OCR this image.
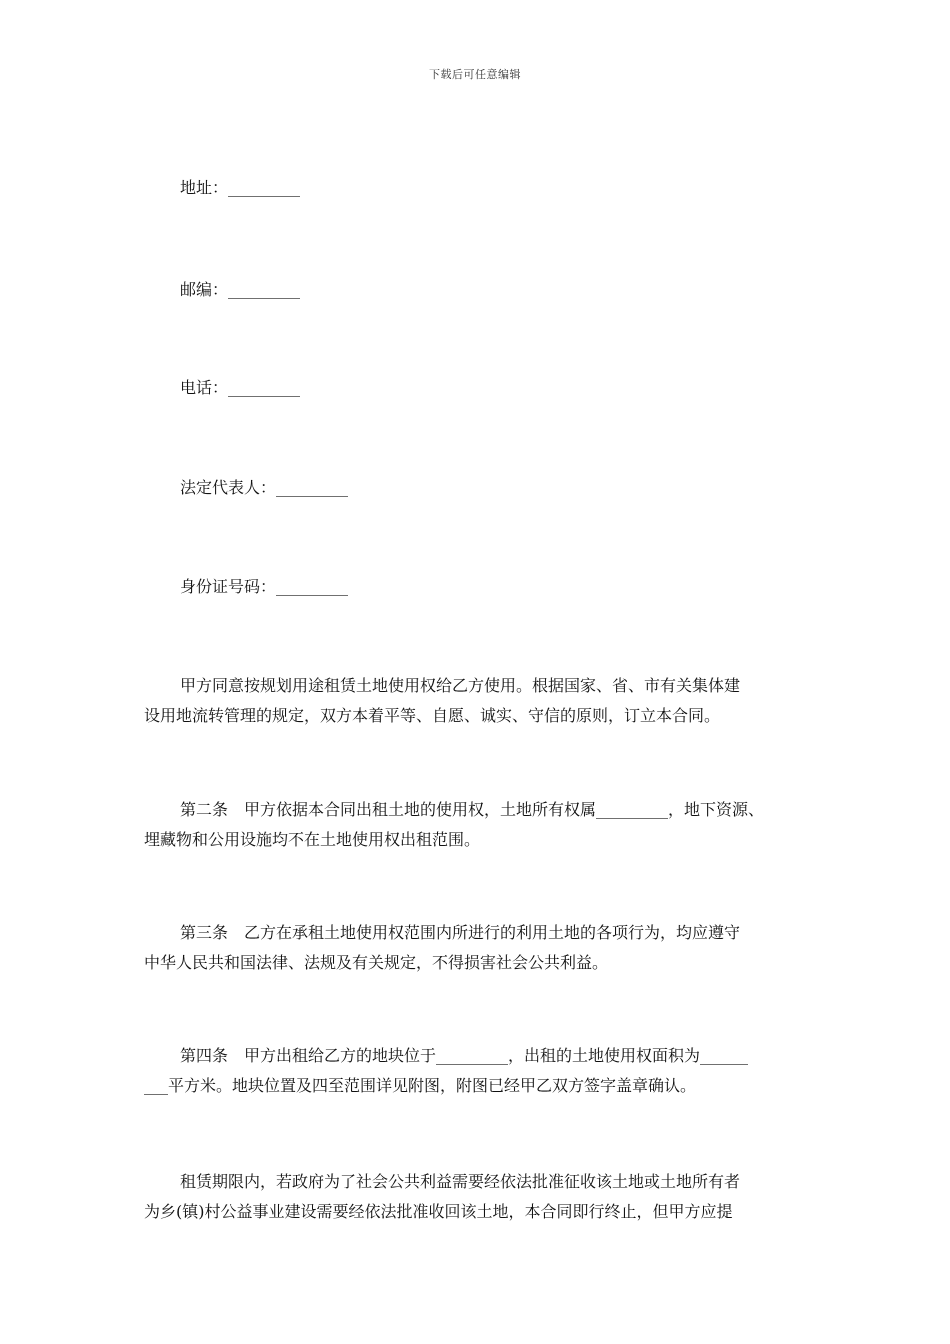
下载后可任意编辑
地址：_________
邮编：_________
电话：_________
法定代表人：_________
身份证号码：_________
甲方同意按规划用途租赁土地使用权给乙方使用。根据国家、省、市有关集体建
设用地流转管理的规定，双方本着平等、自愿、诚实、守信的原则，订立本合同。
第二条　甲方依据本合同出租土地的使用权，土地所有权属_________，地下资源、
埋藏物和公用设施均不在土地使用权出租范围。
第三条　乙方在承租土地使用权范围内所进行的利用土地的各项行为，均应遵守
中华人民共和国法律、法规及有关规定，不得损害社会公共利益。
第四条　甲方出租给乙方的地块位于_________，出租的土地使用权面积为______
___平方米。地块位置及四至范围详见附图，附图已经甲乙双方签字盖章确认。
租赁期限内，若政府为了社会公共利益需要经依法批准征收该土地或土地所有者
为乡(镇)村公益事业建设需要经依法批准收回该土地，本合同即行终止，但甲方应提
